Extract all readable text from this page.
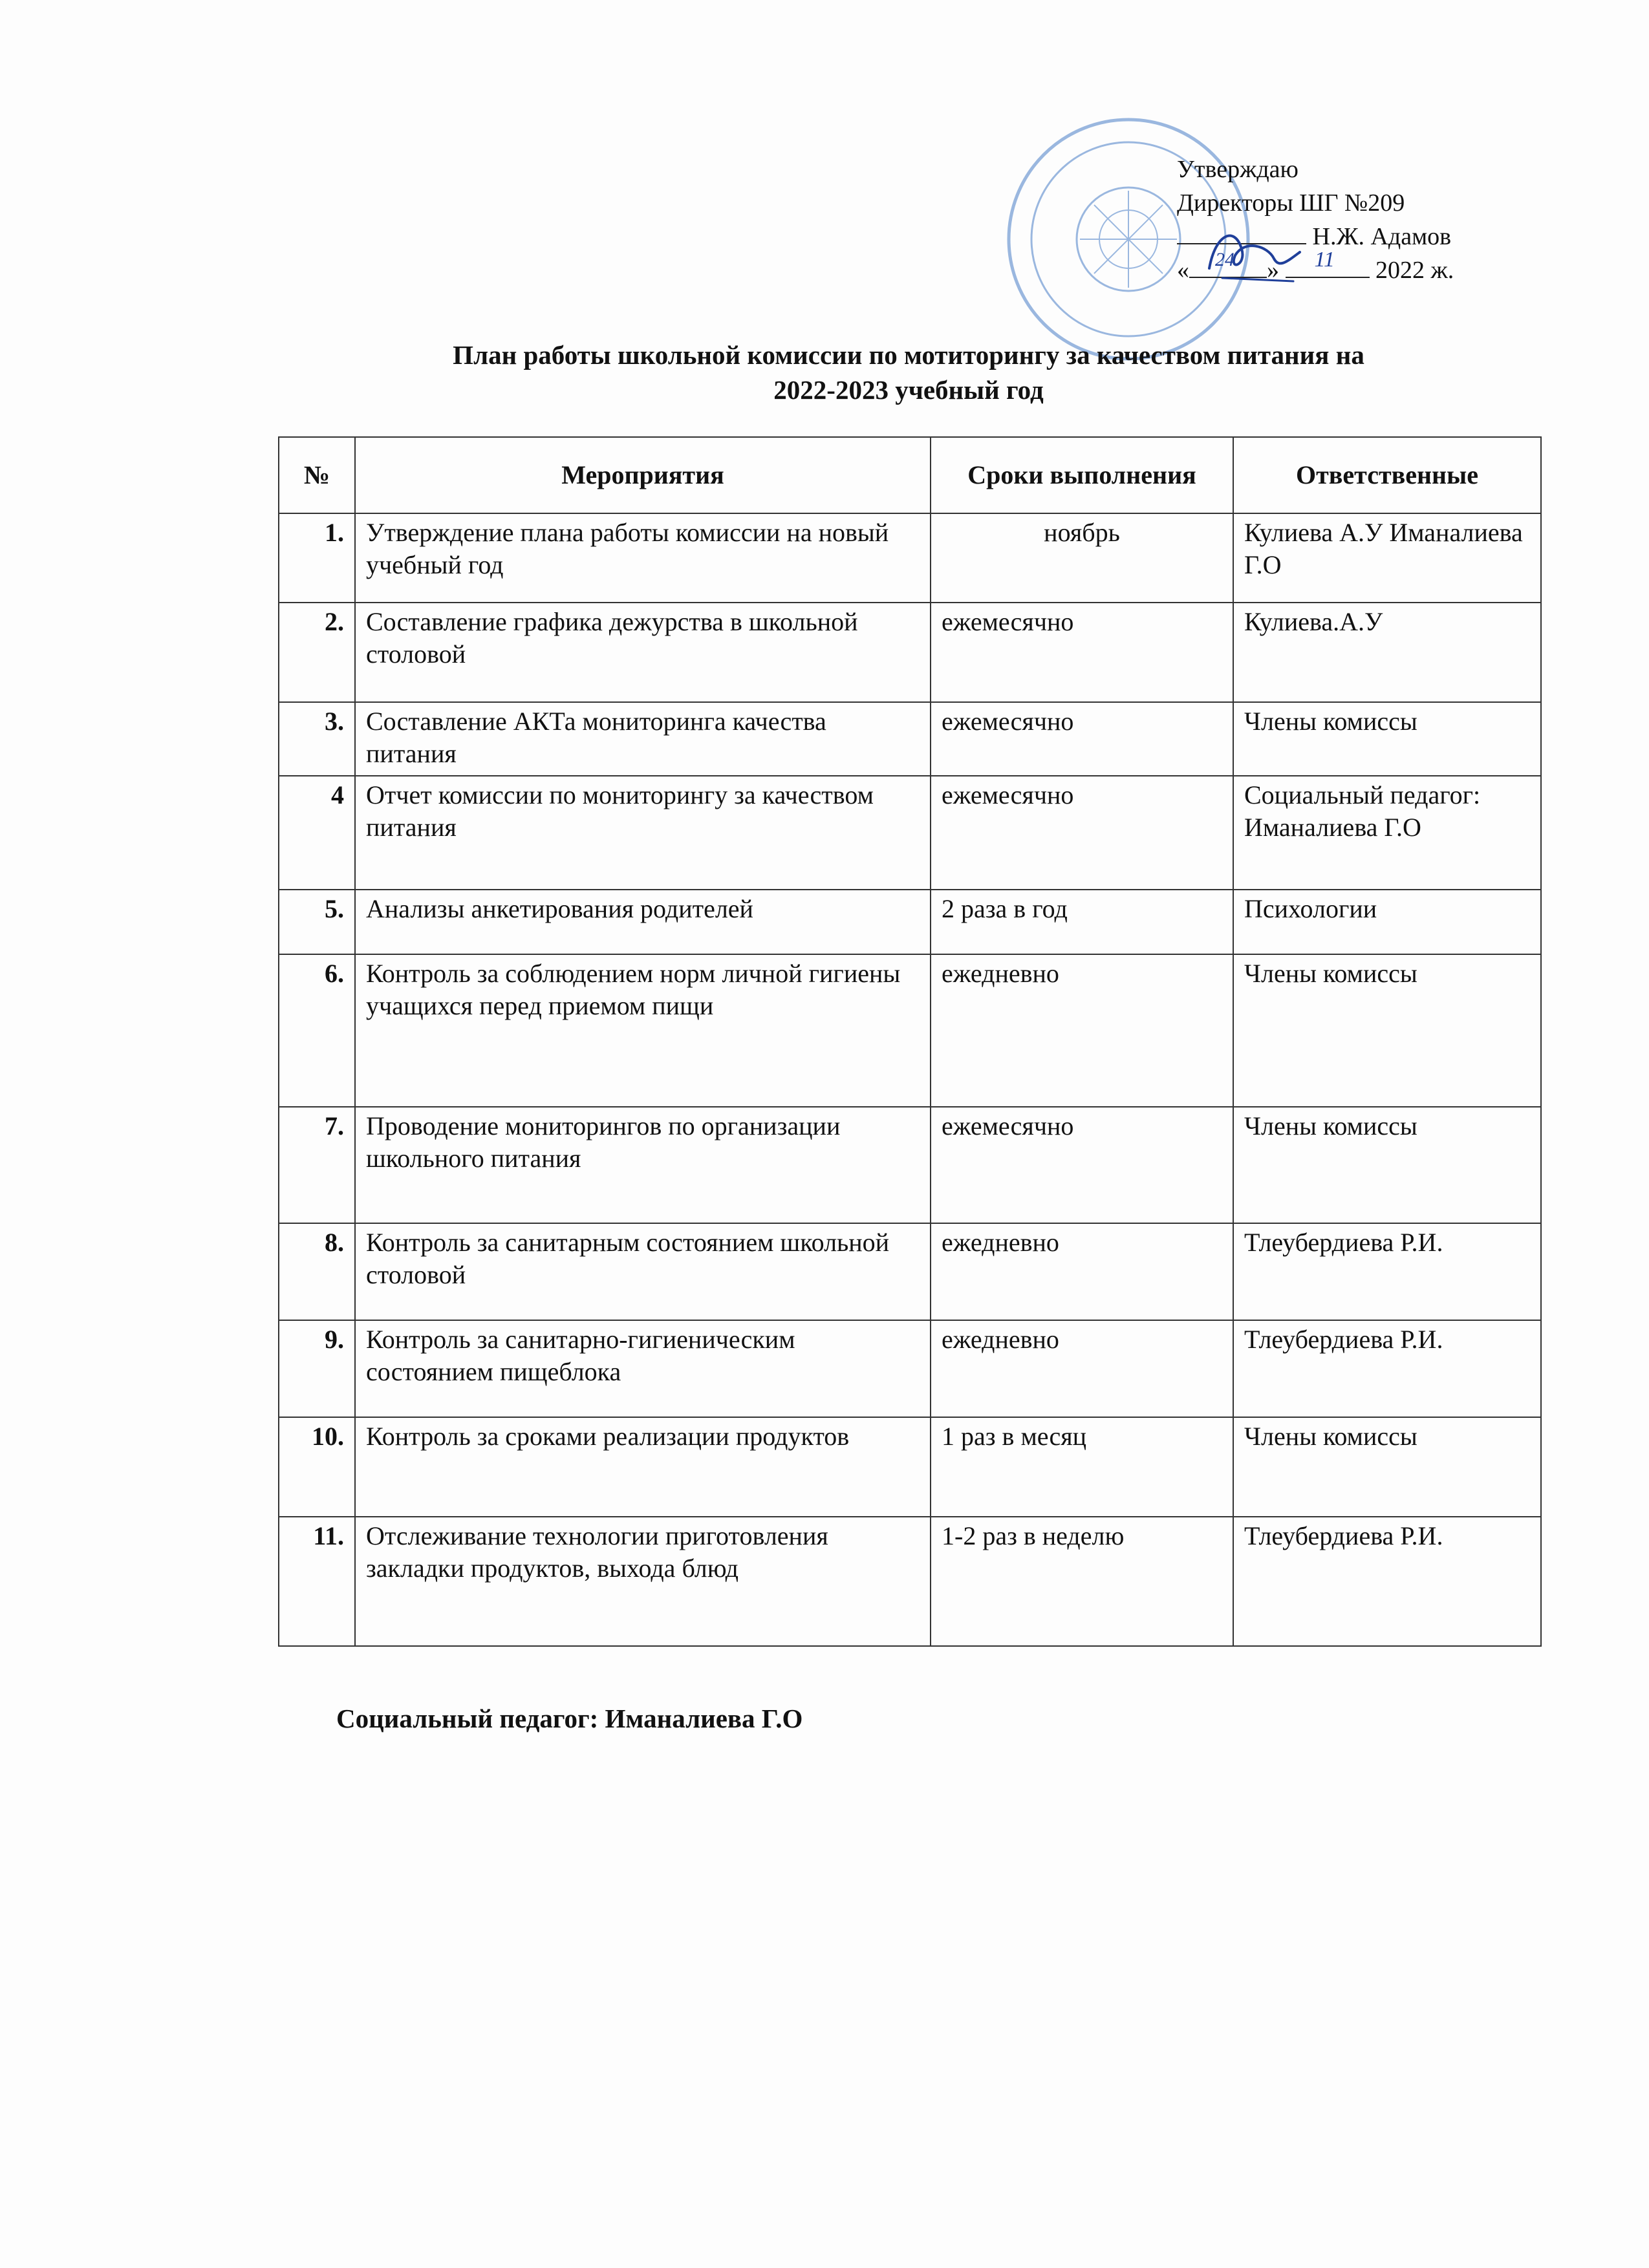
Утверждаю
Директоры ШГ №209
Н.Ж. Адамов
« 24 » 11 2022 ж.
План работы школьной комиссии по мотиторингу за качеством питания на
2022-2023 учебный год
№	Мероприятия	Сроки выполнения	Ответственные
1.	Утверждение плана работы комиссии на новый учебный год	ноябрь	Кулиева А.У Иманалиева Г.О
2.	Составление графика дежурства в школьной столовой	ежемесячно	Кулиева.А.У
3.	Составление АКТа мониторинга качества питания	ежемесячно	Члены комиссы
4	Отчет комиссии по мониторингу за качеством питания	ежемесячно	Социальный педагог: Иманалиева Г.О
5.	Анализы анкетирования родителей	2 раза в год	Психологии
6.	Контроль за соблюдением норм личной гигиены учащихся перед приемом пищи	ежедневно	Члены комиссы
7.	Проводение мониторингов по организации школьного питания	ежемесячно	Члены комиссы
8.	Контроль за санитарным состоянием школьной столовой	ежедневно	Тлеубердиева Р.И.
9.	Контроль за санитарно-гигиеническим состоянием пищеблока	ежедневно	Тлеубердиева Р.И.
10.	Контроль за сроками реализации продуктов	1 раз в месяц	Члены комиссы
11.	Отслеживание технологии приготовления закладки продуктов, выхода блюд	1-2 раз в неделю	Тлеубердиева Р.И.
Социальный педагог: Иманалиева Г.О
